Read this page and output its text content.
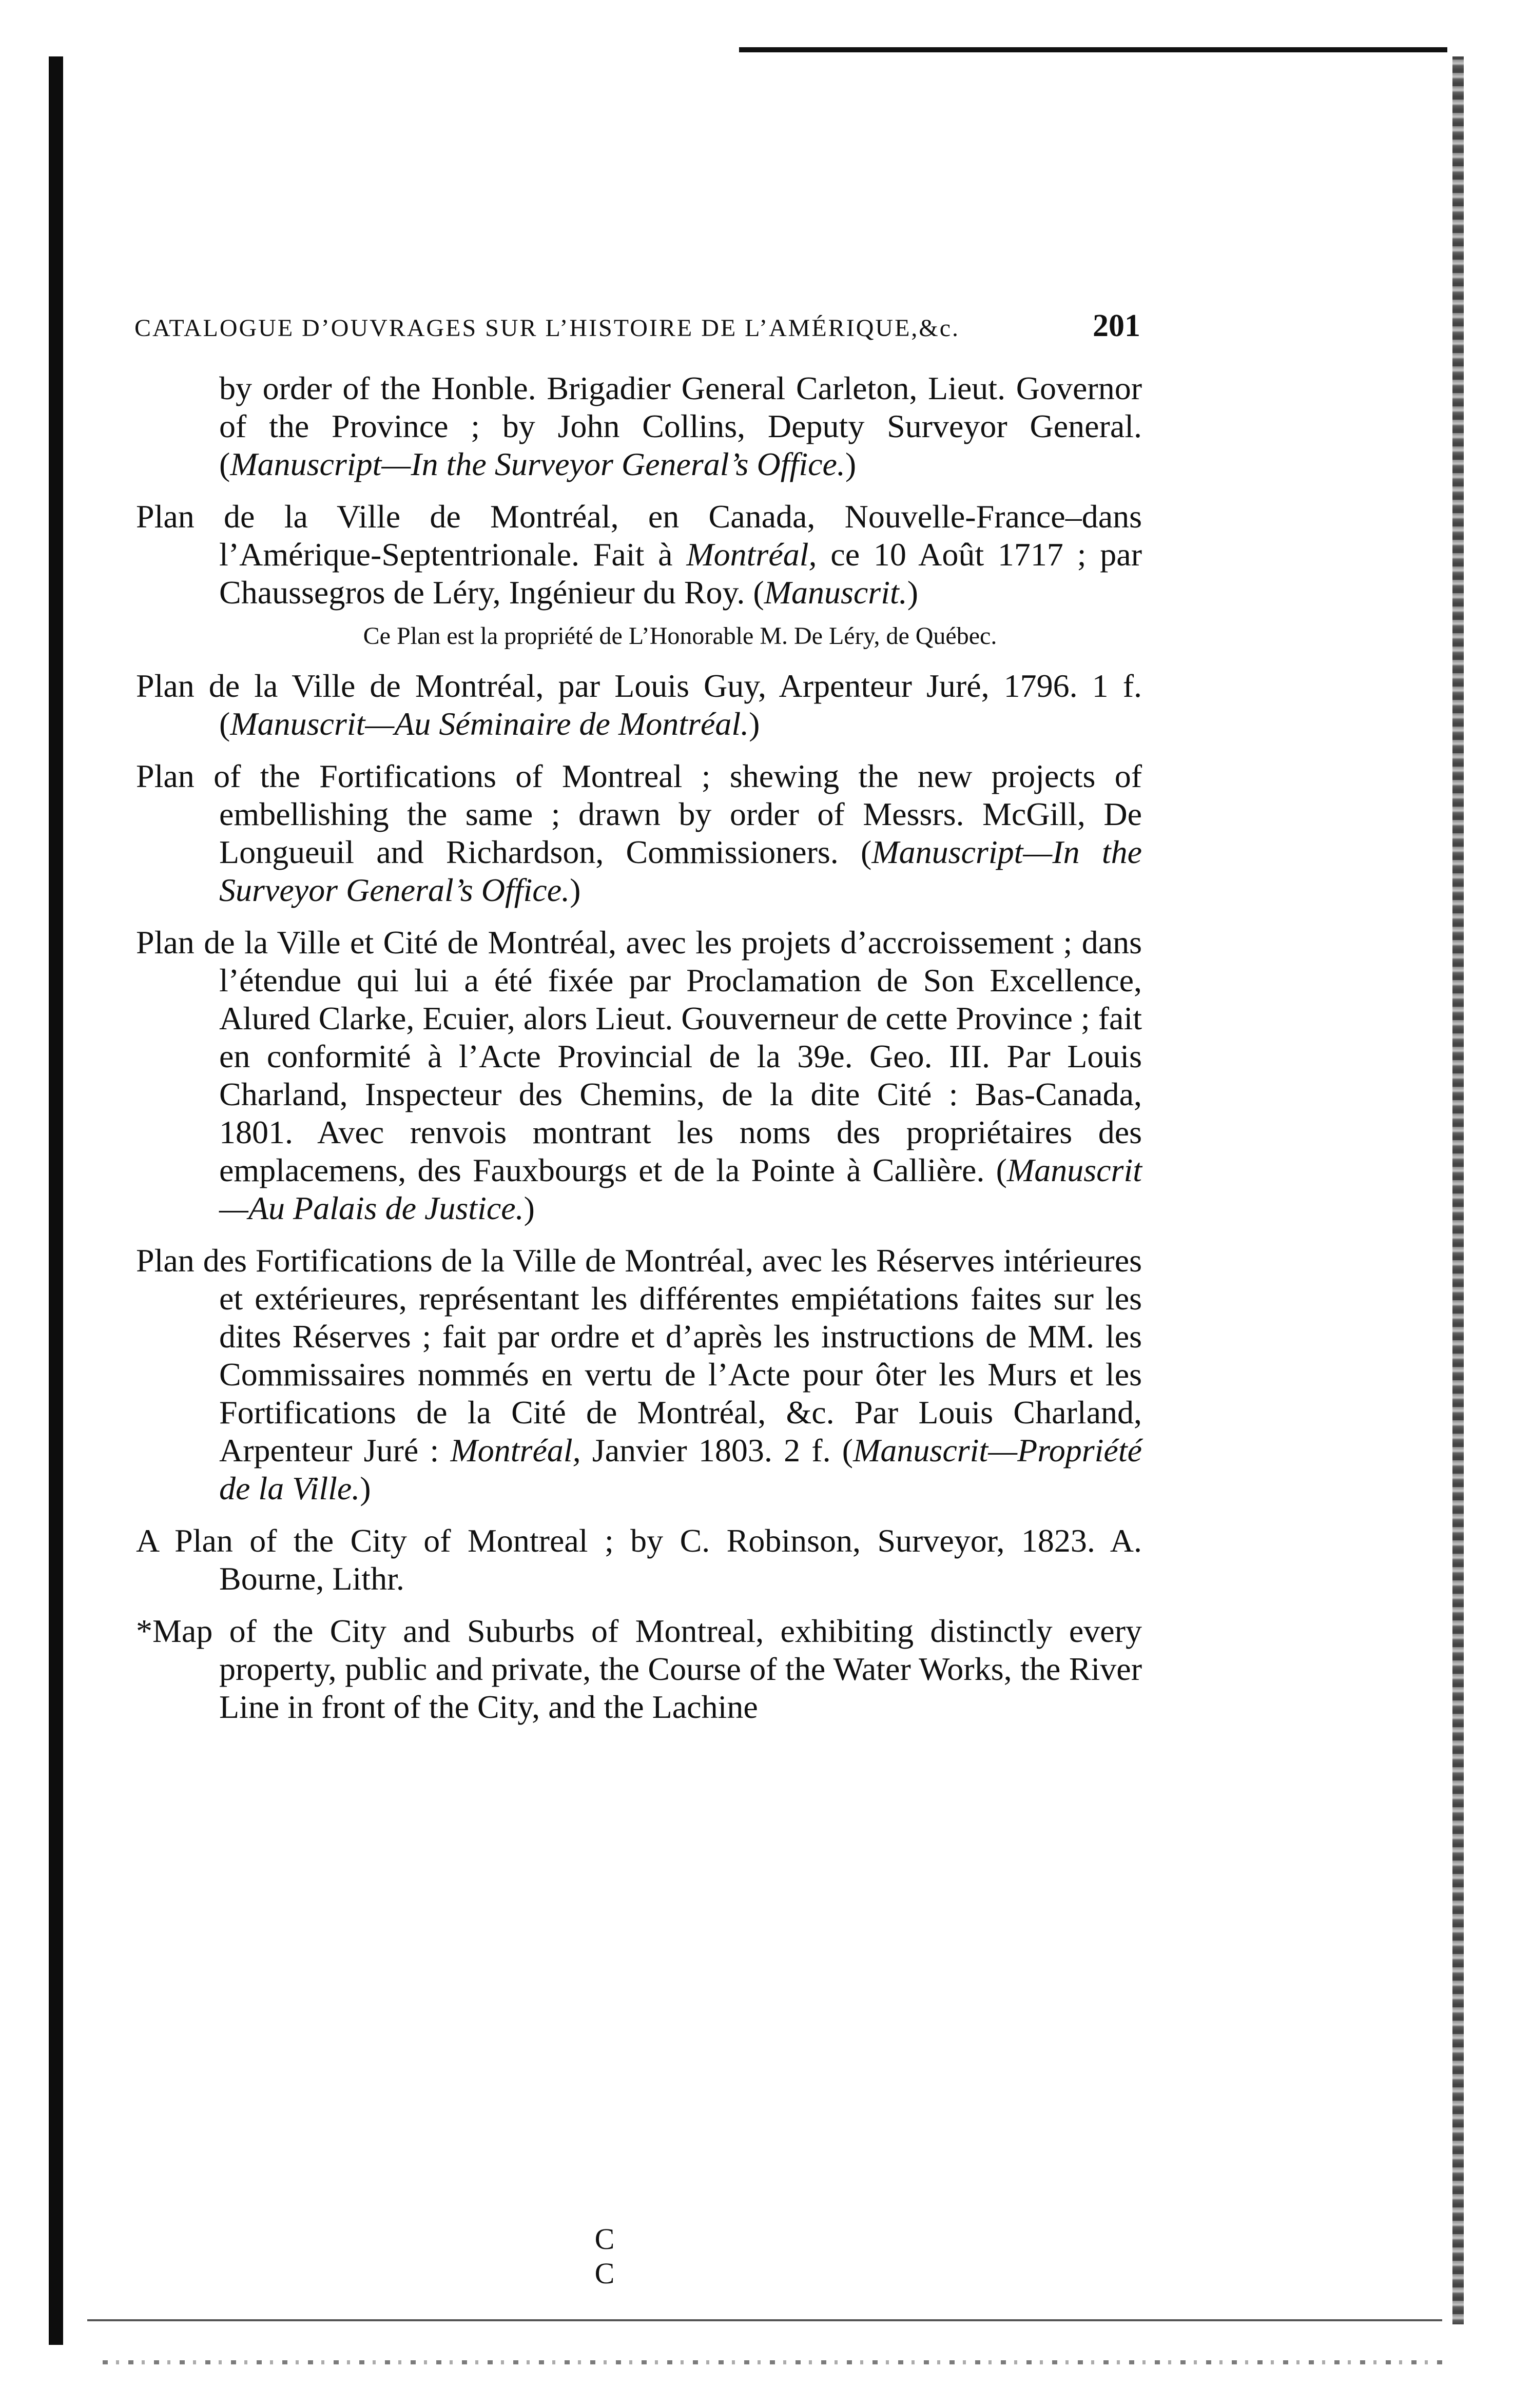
CATALOGUE D’OUVRAGES SUR L’HISTOIRE DE L’AMÉRIQUE,&c.	201

by order of the Honble. Brigadier General Carleton, Lieut. Governor of the Province ; by John Collins, Deputy Surveyor General. (Manuscript—In the Surveyor General’s Office.)

Plan de la Ville de Montréal, en Canada, Nouvelle-France–dans l’Amérique-Septentrionale. Fait à Montréal, ce 10 Août 1717 ; par Chaussegros de Léry, Ingénieur du Roy. (Manuscrit.)

Ce Plan est la propriété de L’Honorable M. De Léry, de Québec.

Plan de la Ville de Montréal, par Louis Guy, Arpenteur Juré, 1796. 1 f. (Manuscrit—Au Séminaire de Montréal.)

Plan of the Fortifications of Montreal ; shewing the new projects of embellishing the same ; drawn by order of Messrs. McGill, De Longueuil and Richardson, Commissioners. (Manuscript—In the Surveyor General’s Office.)

Plan de la Ville et Cité de Montréal, avec les projets d’accroissement ; dans l’étendue qui lui a été fixée par Proclamation de Son Excellence, Alured Clarke, Ecuier, alors Lieut. Gouverneur de cette Province ; fait en conformité à l’Acte Provincial de la 39e. Geo. III. Par Louis Charland, Inspecteur des Chemins, de la dite Cité : Bas-Canada, 1801. Avec renvois montrant les noms des propriétaires des emplacemens, des Fauxbourgs et de la Pointe à Callière. (Manuscrit—Au Palais de Justice.)

Plan des Fortifications de la Ville de Montréal, avec les Réserves intérieures et extérieures, représentant les différentes empiétations faites sur les dites Réserves ; fait par ordre et d’après les instructions de MM. les Commissaires nommés en vertu de l’Acte pour ôter les Murs et les Fortifications de la Cité de Montréal, &c. Par Louis Charland, Arpenteur Juré : Montréal, Janvier 1803. 2 f. (Manuscrit—Propriété de la Ville.)

A Plan of the City of Montreal ; by C. Robinson, Surveyor, 1823. A. Bourne, Lithr.

*Map of the City and Suburbs of Montreal, exhibiting distinctly every property, public and private, the Course of the Water Works, the River Line in front of the City, and the Lachine

C C
